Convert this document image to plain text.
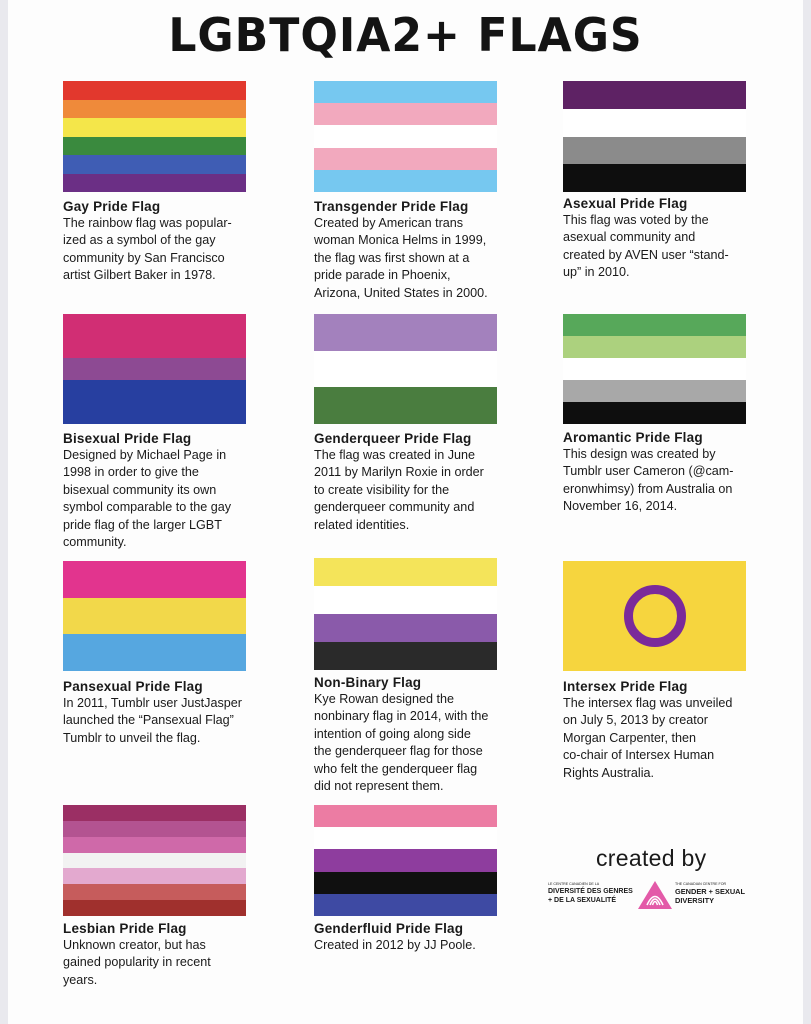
LGBTQIA2+ FLAGS
Gay Pride Flag
The rainbow flag was popular-
ized as a symbol of the gay
community by San Francisco
artist Gilbert Baker in 1978.
Transgender Pride Flag
Created by American trans
woman Monica Helms in 1999,
the flag was first shown at a
pride parade in Phoenix,
Arizona, United States in 2000.
Asexual Pride Flag
This flag was voted by the
asexual community and
created by AVEN user “stand-
up” in 2010.
Bisexual Pride Flag
Designed by Michael Page in
1998 in order to give the
bisexual community its own
symbol comparable to the gay
pride flag of the larger LGBT
community.
Genderqueer Pride Flag
The flag was created in June
2011 by Marilyn Roxie in order
to create visibility for the
genderqueer community and
related identities.
Aromantic Pride Flag
This design was created by
Tumblr user Cameron (@cam-
eronwhimsy) from Australia on
November 16, 2014.
Pansexual Pride Flag
In 2011, Tumblr user JustJasper
launched the “Pansexual Flag”
Tumblr to unveil the flag.
Non-Binary Flag
Kye Rowan designed the
nonbinary flag in 2014, with the
intention of going along side
the genderqueer flag for those
who felt the genderqueer flag
did not represent them.
Intersex Pride Flag
The intersex flag was unveiled
on July 5, 2013 by creator
Morgan Carpenter, then
co-chair of Intersex Human
Rights Australia.
Lesbian Pride Flag
Unknown creator, but has
gained popularity in recent
years.
Genderfluid Pride Flag
Created in 2012 by JJ Poole.
created by
LE CENTRE CANADIEN DE LA
DIVERSITÉ DES GENRES
+ DE LA SEXUALITÉ
THE CANADIAN CENTRE FOR
GENDER + SEXUAL
DIVERSITY
